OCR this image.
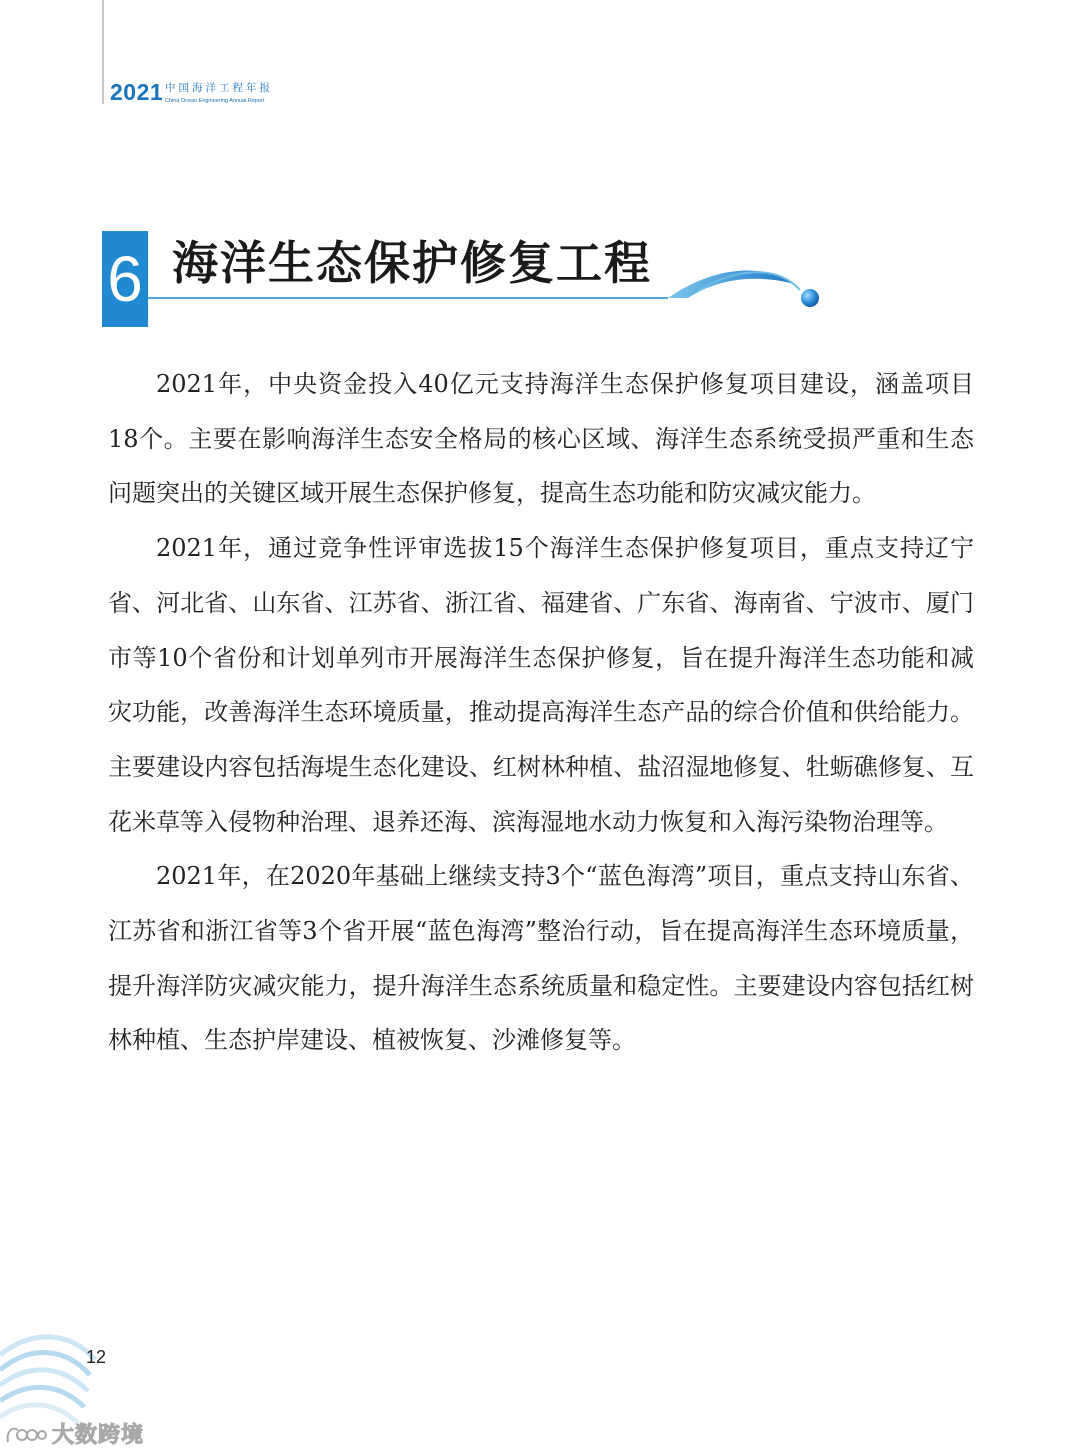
2021 中国海洋工程年报
China Ocean Engineering Annual Report
6 海洋生态保护修复工程

2021年，中央资金投入40亿元支持海洋生态保护修复项目建设，涵盖项目18个。主要在影响海洋生态安全格局的核心区域、海洋生态系统受损严重和生态问题突出的关键区域开展生态保护修复，提高生态功能和防灾减灾能力。

2021年，通过竞争性评审选拔15个海洋生态保护修复项目，重点支持辽宁省、河北省、山东省、江苏省、浙江省、福建省、广东省、海南省、宁波市、厦门市等10个省份和计划单列市开展海洋生态保护修复，旨在提升海洋生态功能和减灾功能，改善海洋生态环境质量，推动提高海洋生态产品的综合价值和供给能力。主要建设内容包括海堤生态化建设、红树林种植、盐沼湿地修复、牡蛎礁修复、互花米草等入侵物种治理、退养还海、滨海湿地水动力恢复和入海污染物治理等。

2021年，在2020年基础上继续支持3个“蓝色海湾”项目，重点支持山东省、江苏省和浙江省等3个省开展“蓝色海湾”整治行动，旨在提高海洋生态环境质量，提升海洋防灾减灾能力，提升海洋生态系统质量和稳定性。主要建设内容包括红树林种植、生态护岸建设、植被恢复、沙滩修复等。

12
大数跨境
